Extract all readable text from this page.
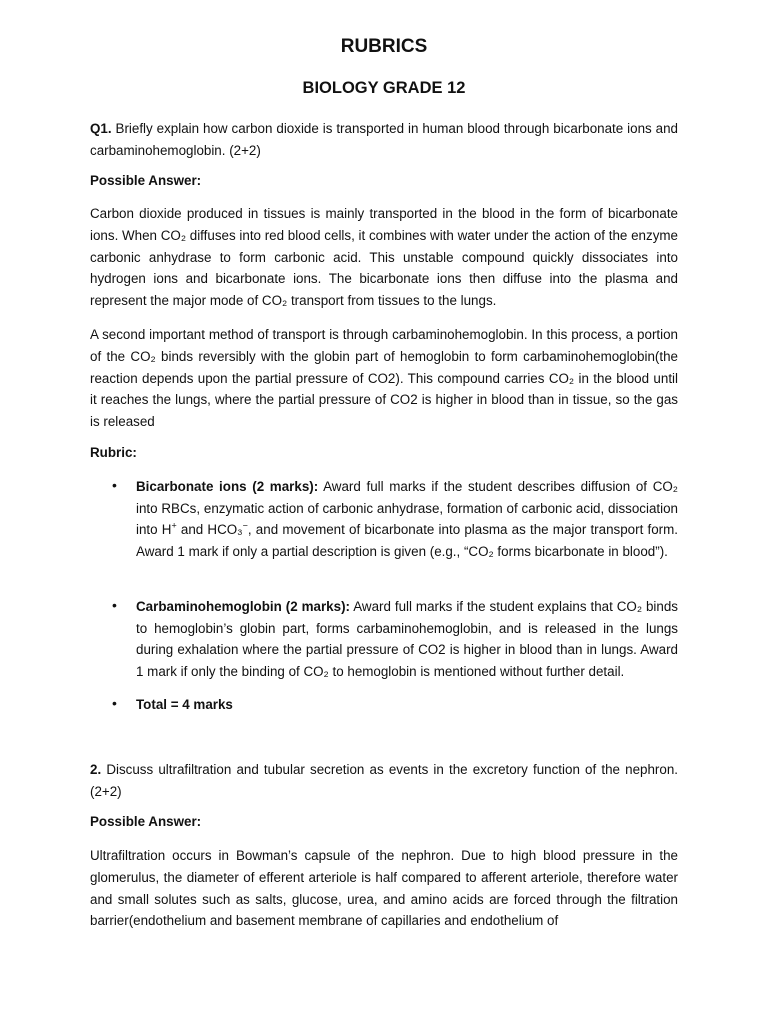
RUBRICS
BIOLOGY GRADE 12

Q1. Briefly explain how carbon dioxide is transported in human blood through bicarbonate ions and carbaminohemoglobin. (2+2)

Possible Answer:

Carbon dioxide produced in tissues is mainly transported in the blood in the form of bicarbonate ions. When CO₂ diffuses into red blood cells, it combines with water under the action of the enzyme carbonic anhydrase to form carbonic acid. This unstable compound quickly dissociates into hydrogen ions and bicarbonate ions. The bicarbonate ions then diffuse into the plasma and represent the major mode of CO₂ transport from tissues to the lungs.

A second important method of transport is through carbaminohemoglobin. In this process, a portion of the CO₂ binds reversibly with the globin part of hemoglobin to form carbaminohemoglobin(the reaction depends upon the partial pressure of CO2). This compound carries CO₂ in the blood until it reaches the lungs, where the partial pressure of CO2 is higher in blood than in tissue, so the gas is released

Rubric:

• Bicarbonate ions (2 marks): Award full marks if the student describes diffusion of CO₂ into RBCs, enzymatic action of carbonic anhydrase, formation of carbonic acid, dissociation into H+ and HCO₃−, and movement of bicarbonate into plasma as the major transport form. Award 1 mark if only a partial description is given (e.g., “CO₂ forms bicarbonate in blood”).

• Carbaminohemoglobin (2 marks): Award full marks if the student explains that CO₂ binds to hemoglobin’s globin part, forms carbaminohemoglobin, and is released in the lungs during exhalation where the partial pressure of CO2 is higher in blood than in lungs. Award 1 mark if only the binding of CO₂ to hemoglobin is mentioned without further detail.

• Total = 4 marks

2. Discuss ultrafiltration and tubular secretion as events in the excretory function of the nephron. (2+2)

Possible Answer:

Ultrafiltration occurs in Bowman’s capsule of the nephron. Due to high blood pressure in the glomerulus, the diameter of efferent arteriole is half compared to afferent arteriole, therefore water and small solutes such as salts, glucose, urea, and amino acids are forced through the filtration barrier(endothelium and basement membrane of capillaries and endothelium of
